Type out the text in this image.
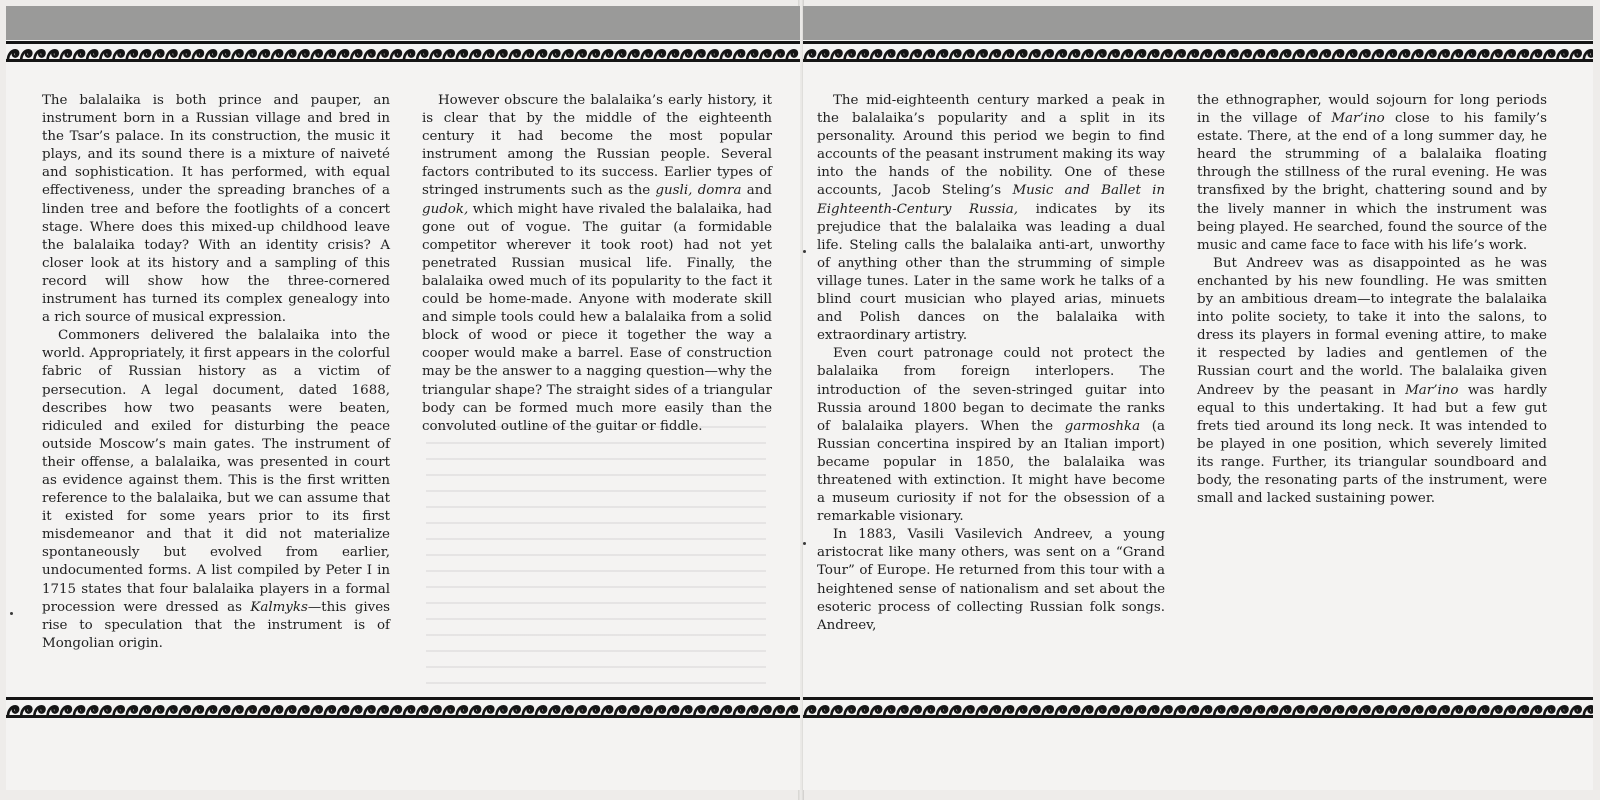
The balalaika is both prince and pauper, an instrument born in a Russian village and bred in the Tsar’s palace. In its construction, the music it plays, and its sound there is a mixture of naiveté and sophistication. It has performed, with equal effectiveness, under the spreading branches of a linden tree and before the footlights of a concert stage. Where does this mixed-up childhood leave the balalaika today? With an identity crisis? A closer look at its history and a sampling of this record will show how the three-cornered instrument has turned its complex genealogy into a rich source of musical expression.

Commoners delivered the balalaika into the world. Appropriately, it first appears in the colorful fabric of Russian history as a victim of persecution. A legal document, dated 1688, describes how two peasants were beaten, ridiculed and exiled for disturbing the peace outside Moscow’s main gates. The instrument of their offense, a balalaika, was presented in court as evidence against them. This is the first written reference to the balalaika, but we can assume that it existed for some years prior to its first misdemeanor and that it did not materialize spontaneously but evolved from earlier, undocumented forms. A list compiled by Peter I in 1715 states that four balalaika players in a formal procession were dressed as Kalmyks—this gives rise to speculation that the instrument is of Mongolian origin.

However obscure the balalaika’s early history, it is clear that by the middle of the eighteenth century it had become the most popular instrument among the Russian people. Several factors contributed to its success. Earlier types of stringed instruments such as the gusli, domra and gudok, which might have rivaled the balalaika, had gone out of vogue. The guitar (a formidable competitor wherever it took root) had not yet penetrated Russian musical life. Finally, the balalaika owed much of its popularity to the fact it could be home-made. Anyone with moderate skill and simple tools could hew a balalaika from a solid block of wood or piece it together the way a cooper would make a barrel. Ease of construction may be the answer to a nagging question—why the triangular shape? The straight sides of a triangular body can be formed much more easily than the convoluted outline of the guitar or fiddle.

The mid-eighteenth century marked a peak in the balalaika’s popularity and a split in its personality. Around this period we begin to find accounts of the peasant instrument making its way into the hands of the nobility. One of these accounts, Jacob Steling’s Music and Ballet in Eighteenth-Century Russia, indicates by its prejudice that the balalaika was leading a dual life. Steling calls the balalaika anti-art, unworthy of anything other than the strumming of simple village tunes. Later in the same work he talks of a blind court musician who played arias, minuets and Polish dances on the balalaika with extraordinary artistry.

Even court patronage could not protect the balalaika from foreign interlopers. The introduction of the seven-stringed guitar into Russia around 1800 began to decimate the ranks of balalaika players. When the garmoshka (a Russian concertina inspired by an Italian import) became popular in 1850, the balalaika was threatened with extinction. It might have become a museum curiosity if not for the obsession of a remarkable visionary.

In 1883, Vasili Vasilevich Andreev, a young aristocrat like many others, was sent on a “Grand Tour” of Europe. He returned from this tour with a heightened sense of nationalism and set about the esoteric process of collecting Russian folk songs. Andreev,

the ethnographer, would sojourn for long periods in the village of Mar’ino close to his family’s estate. There, at the end of a long summer day, he heard the strumming of a balalaika floating through the stillness of the rural evening. He was transfixed by the bright, chattering sound and by the lively manner in which the instrument was being played. He searched, found the source of the music and came face to face with his life’s work.

But Andreev was as disappointed as he was enchanted by his new foundling. He was smitten by an ambitious dream—to integrate the balalaika into polite society, to take it into the salons, to dress its players in formal evening attire, to make it respected by ladies and gentlemen of the Russian court and the world. The balalaika given Andreev by the peasant in Mar’ino was hardly equal to this undertaking. It had but a few gut frets tied around its long neck. It was intended to be played in one position, which severely limited its range. Further, its triangular soundboard and body, the resonating parts of the instrument, were small and lacked sustaining power.
